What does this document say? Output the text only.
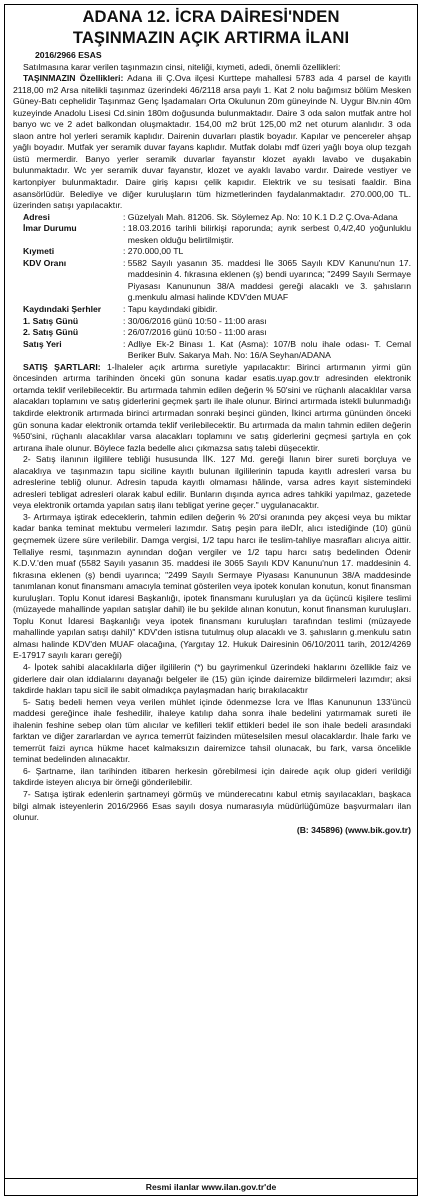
ADANA 12. İCRA DAİRESİ'NDEN
TAŞINMAZIN AÇIK ARTIRMA İLANI

2016/2966 ESAS

Satılmasına karar verilen taşınmazın cinsi, niteliği, kıymeti, adedi, önemli özellikleri:

TAŞINMAZIN Özellikleri: Adana ili Ç.Ova ilçesi Kurttepe mahallesi 5783 ada 4 parsel de kayıtlı 2118,00 m2 Arsa nitelikli taşınmaz üzerindeki 46/2118 arsa paylı 1. Kat 2 nolu bağımsız bölüm Mesken Güney-Batı cephelidir Taşınmaz Genç İşadamaları Orta Okulunun 20m güneyinde N. Uygur Blv.nin 40m kuzeyinde Anadolu Lisesi Cd.sinin 180m doğusunda bulunmaktadır. Daire 3 oda salon mutfak antre hol banyo wc ve 2 adet balkondan oluşmaktadır. 154,00 m2 brüt 125,00 m2 net oturum alanlıdır. 3 oda slaon antre hol yerleri seramik kaplıdır. Dairenin duvarları plastik boyadır. Kapılar ve pencereler ahşap yağlı boyadır. Mutfak yer seramik duvar fayans kaplıdır. Mutfak dolabı mdf üzeri yağlı boya olup tezgah üstü mermerdir. Banyo yerler seramik duvarlar fayanstır klozet ayaklı lavabo ve duşakabin bulunmaktadır. Wc yer seramik duvar fayanstır, klozet ve ayaklı lavabo vardır. Dairede vestiyer ve kartonpiyer bulunmaktadır. Daire giriş kapısı çelik kapıdır. Elektrik ve su tesisati faaldir. Bina asansörlüdür. Belediye ve diğer kuruluşların tüm hizmetlerinden faydalanmaktadır. 270.000,00 TL. üzerinden satışı yapılacaktır.

Adresi	: Güzelyalı Mah. 81206. Sk. Söylemez Ap. No: 10 K.1 D.2 Ç.Ova-Adana
İmar Durumu	: 18.03.2016 tarihli bilirkişi raporunda; ayrık serbest 0,4/2,40 yoğunluklu mesken olduğu belirtilmiştir.
Kıymeti	: 270.000,00 TL
KDV Oranı	: 5582 Sayılı yasanın 35. maddesi İle 3065 Sayılı KDV Kanunu'nun 17. maddesinin 4. fıkrasına eklenen (ş) bendi uyarınca; "2499 Sayılı Sermaye Piyasası Kanununun 38/A maddesi gereği alacaklı ve 3. şahısların g.menkulu almasi halinde KDV'den MUAF
Kaydındaki Şerhler	: Tapu kaydındaki gibidir.
1. Satış Günü	: 30/06/2016 günü 10:50 - 11:00 arası
2. Satış Günü	: 26/07/2016 günü 10:50 - 11:00 arası
Satış Yeri	: Adliye Ek-2 Binası 1. Kat (Asma): 107/B nolu ihale odası- T. Cemal Beriker Bulv. Sakarya Mah. No: 16/A Seyhan/ADANA

SATIŞ ŞARTLARI: 1-İhaleler açık artırma suretiyle yapılacaktır: Birinci artırmanın yirmi gün öncesinden artırma tarihinden önceki gün sonuna kadar esatis.uyap.gov.tr adresinden elektronik ortamda teklif verilebilecektir. Bu artırmada tahmin edilen değerin % 50'sini ve rüçhanlı alacaklılar varsa alacakları toplamını ve satış giderlerini geçmek şartı ile ihale olunur. Birinci artırmada istekli bulunmadığı takdirde elektronik artırmada birinci artırmadan sonraki beşinci günden, İkinci artırma gününden önceki gün sonuna kadar elektronik ortamda teklif verilebilecektir. Bu artırmada da malın tahmin edilen değerin %50'sini, rüçhanlı alacaklılar varsa alacakları toplamını ve satış giderlerini geçmesi şartıyla en çok artırana ihale olunur. Böylece fazla bedelle alıcı çıkmazsa satış talebi düşecektir.

2- Satış ilanının ilgililere tebliği hususunda İİK. 127 Md. gereği İlanın birer sureti borçluya ve alacaklıya ve taşınmazın tapu siciline kayıtlı bulunan ilgililerinin tapuda kayıtlı adresleri varsa bu adreslerine tebliğ olunur. Adresin tapuda kayıtlı olmaması hâlinde, varsa adres kayıt sistemindeki adresleri tebligat adresleri olarak kabul edilir. Bunların dışında ayrıca adres tahkiki yapılmaz, gazetede veya elektronik ortamda yapılan satış ilanı tebligat yerine geçer." uygulanacaktır.

3- Artırmaya iştirak edeceklerin, tahmin edilen değerin % 20'si oranında pey akçesi veya bu miktar kadar banka teminat mektubu vermeleri lazımdır. Satış peşin para ileDİr, alıcı istediğinde (10) günü geçmemek üzere süre verilebilir. Damga vergisi, 1/2 tapu harcı ile teslim-tahliye masrafları alıcıya aittir. Tellaliye resmi, taşınmazın aynından doğan vergiler ve 1/2 tapu harcı satış bedelinden Ödenir K.D.V.'den muaf (5582 Sayılı yasanın 35. maddesi ile 3065 Sayılı KDV Kanunu'nun 17. maddesinin 4. fıkrasına eklenen (ş) bendi uyarınca; "2499 Sayılı Sermaye Piyasası Kanununun 38/A maddesinde tanımlanan konut finansmanı amacıyla teminat gösterilen veya ipotek konulan konutun, konut finansman kuruluşları. Toplu Konut idaresi Başkanlığı, ipotek finansmanı kuruluşları ya da üçüncü kişilere teslimi (müzayede mahallinde yapılan satışlar dahil) ile bu şekilde alınan konutun, konut finansman kuruluşları. Toplu Konut İdaresi Başkanlığı veya ipotek finansmanı kuruluşları tarafından teslimi (müzayede mahallinde yapılan satışı dahil)" KDV'den istisna tutulmuş olup alacaklı ve 3. şahısların g.menkulu satın alması halinde KDV'den MUAF olacağına, (Yargıtay 12. Hukuk Dairesinin 06/10/2011 tarih, 2012/4269 E-17917 sayılı kararı gereği)

4- İpotek sahibi alacaklılarla diğer ilgililerin (*) bu gayrimenkul üzerindeki haklarını özellikle faiz ve giderlere dair olan iddialarını dayanağı belgeler ile (15) gün içinde dairemize bildirmeleri lazımdır; aksi takdirde hakları tapu sicil ile sabit olmadıkça paylaşmadan hariç bırakılacaktır

5- Satış bedeli hemen veya verilen mühlet içinde ödenmezse İcra ve İflas Kanununun 133'üncü maddesi gereğince ihale feshedilir, ihaleye katılıp daha sonra ihale bedelini yatırmamak sureti ile ihalenin feshine sebep olan tüm alıcılar ve kefilleri teklif ettikleri bedel ile son ihale bedeli arasındaki farktan ve diğer zararlardan ve ayrıca temerrüt faizinden müteselsilen mesul olacaklardır. İhale farkı ve temerrüt faizi ayrıca hükme hacet kalmaksızın dairemizce tahsil olunacak, bu fark, varsa öncelikle teminat bedelinden alınacaktır.

6- Şartname, ilan tarihinden itibaren herkesin görebilmesi için dairede açık olup gideri verildiği takdirde isteyen alıcıya bir örneği gönderilebilir.

7- Satışa iştirak edenlerin şartnameyi görmüş ve münderecatını kabul etmiş sayılacakları, başkaca bilgi almak isteyenlerin 2016/2966 Esas sayılı dosya numarasıyla müdürlüğümüze başvurmaları ilan olunur.

(B: 345896) (www.bik.gov.tr)
Resmi ilanlar www.ilan.gov.tr'de
